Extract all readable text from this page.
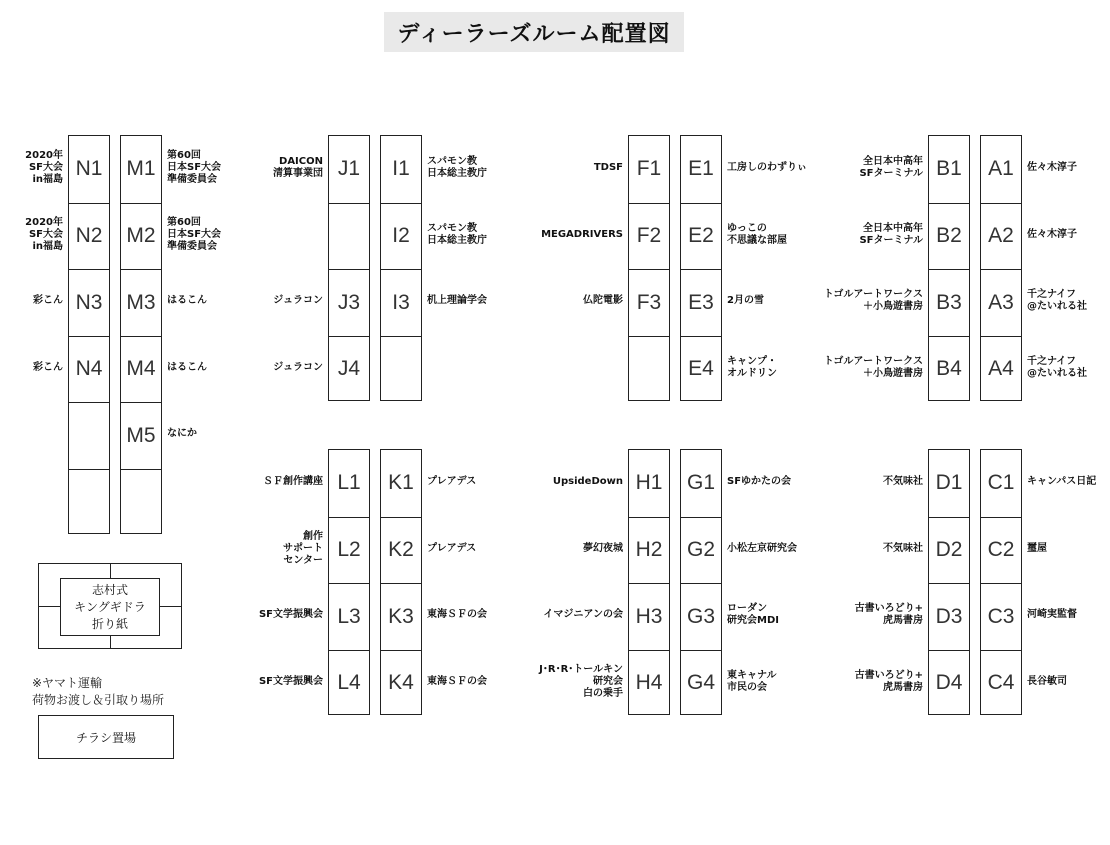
ディーラーズルーム配置図
N1
N2
N3
N4
2020年
SF大会
in福島
2020年
SF大会
in福島
彩こん
彩こん
M1
M2
M3
M4
M5
第60回
日本SF大会
準備委員会
第60回
日本SF大会
準備委員会
はるこん
はるこん
なにか
J1
J3
J4
DAICON
清算事業団
ジュラコン
ジュラコン
I1
I2
I3
スパモン教
日本総主教庁
スパモン教
日本総主教庁
机上理論学会
F1
F2
F3
TDSF
MEGADRIVERS
仏陀電影
E1
E2
E3
E4
工房しのわずりぃ
ゆっこの
不思議な部屋
2月の雪
キャンプ・
オルドリン
B1
B2
B3
B4
全日本中高年
SFターミナル
全日本中高年
SFターミナル
トゴルアートワークス
＋小鳥遊書房
トゴルアートワークス
＋小鳥遊書房
A1
A2
A3
A4
佐々木淳子
佐々木淳子
千之ナイフ
@たいれる社
千之ナイフ
@たいれる社
L1
L2
L3
L4
ＳＦ創作講座
創作
サポート
センター
SF文学振興会
SF文学振興会
K1
K2
K3
K4
プレアデス
プレアデス
東海ＳＦの会
東海ＳＦの会
H1
H2
H3
H4
UpsideDown
夢幻夜城
イマジニアンの会
J･R･R･トールキン
研究会
白の乗手
G1
G2
G3
G4
SFゆかたの会
小松左京研究会
ローダン
研究会MDI
東キャナル
市民の会
D1
D2
D3
D4
不気味社
不気味社
古書いろどり+
虎馬書房
古書いろどり+
虎馬書房
C1
C2
C3
C4
キャンパス日記
璽屋
河崎実監督
長谷敏司
志村式
キングギドラ
折り紙
※ヤマト運輸
荷物お渡し＆引取り場所
チラシ置場
